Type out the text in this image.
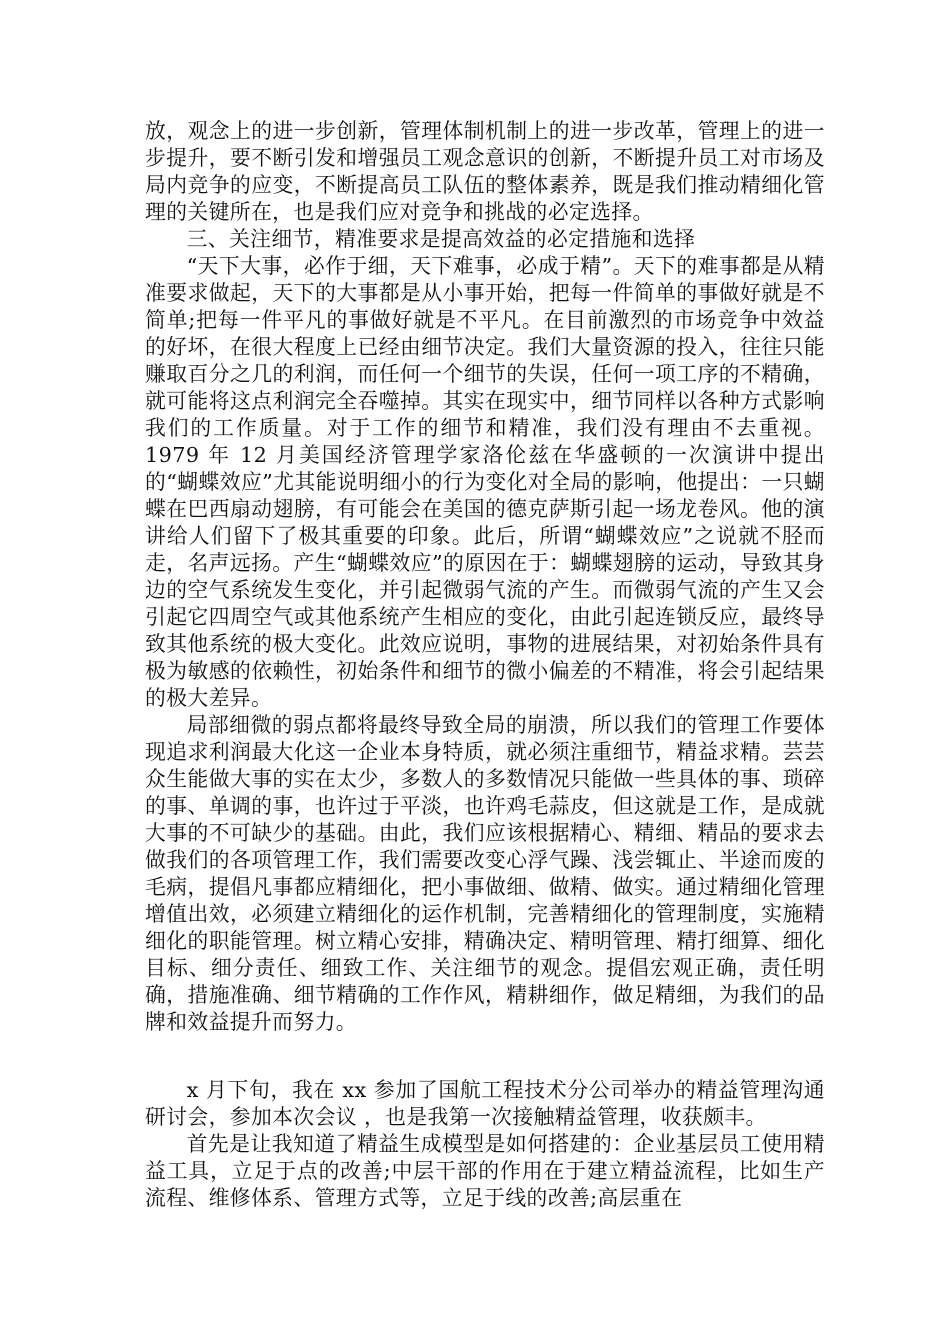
放，观念上的进一步创新，管理体制机制上的进一步改革，管理上的进一步提升，要不断引发和增强员工观念意识的创新，不断提升员工对市场及局内竞争的应变，不断提高员工队伍的整体素养，既是我们推动精细化管理的关键所在，也是我们应对竞争和挑战的必定选择。

三、关注细节，精准要求是提高效益的必定措施和选择

“天下大事，必作于细，天下难事，必成于精”。天下的难事都是从精准要求做起，天下的大事都是从小事开始，把每一件简单的事做好就是不简单;把每一件平凡的事做好就是不平凡。在目前激烈的市场竞争中效益的好坏，在很大程度上已经由细节决定。我们大量资源的投入，往往只能赚取百分之几的利润，而任何一个细节的失误，任何一项工序的不精确，就可能将这点利润完全吞噬掉。其实在现实中，细节同样以各种方式影响我们的工作质量。对于工作的细节和精准，我们没有理由不去重视。1979 年 12 月美国经济管理学家洛伦兹在华盛顿的一次演讲中提出的“蝴蝶效应”尤其能说明细小的行为变化对全局的影响，他提出：一只蝴蝶在巴西扇动翅膀，有可能会在美国的德克萨斯引起一场龙卷风。他的演讲给人们留下了极其重要的印象。此后，所谓“蝴蝶效应”之说就不胫而走，名声远扬。产生“蝴蝶效应”的原因在于：蝴蝶翅膀的运动，导致其身边的空气系统发生变化，并引起微弱气流的产生。而微弱气流的产生又会引起它四周空气或其他系统产生相应的变化，由此引起连锁反应，最终导致其他系统的极大变化。此效应说明，事物的进展结果，对初始条件具有极为敏感的依赖性，初始条件和细节的微小偏差的不精准，将会引起结果的极大差异。

局部细微的弱点都将最终导致全局的崩溃，所以我们的管理工作要体现追求利润最大化这一企业本身特质，就必须注重细节，精益求精。芸芸众生能做大事的实在太少，多数人的多数情况只能做一些具体的事、琐碎的事、单调的事，也许过于平淡，也许鸡毛蒜皮，但这就是工作，是成就大事的不可缺少的基础。由此，我们应该根据精心、精细、精品的要求去做我们的各项管理工作，我们需要改变心浮气躁、浅尝辄止、半途而废的毛病，提倡凡事都应精细化，把小事做细、做精、做实。通过精细化管理增值出效，必须建立精细化的运作机制，完善精细化的管理制度，实施精细化的职能管理。树立精心安排，精确决定、精明管理、精打细算、细化目标、细分责任、细致工作、关注细节的观念。提倡宏观正确，责任明确，措施准确、细节精确的工作作风，精耕细作，做足精细，为我们的品牌和效益提升而努力。

x 月下旬，我在 xx 参加了国航工程技术分公司举办的精益管理沟通研讨会，参加本次会议 ，也是我第一次接触精益管理，收获颇丰。

首先是让我知道了精益生成模型是如何搭建的：企业基层员工使用精益工具，立足于点的改善;中层干部的作用在于建立精益流程，比如生产流程、维修体系、管理方式等，立足于线的改善;高层重在
